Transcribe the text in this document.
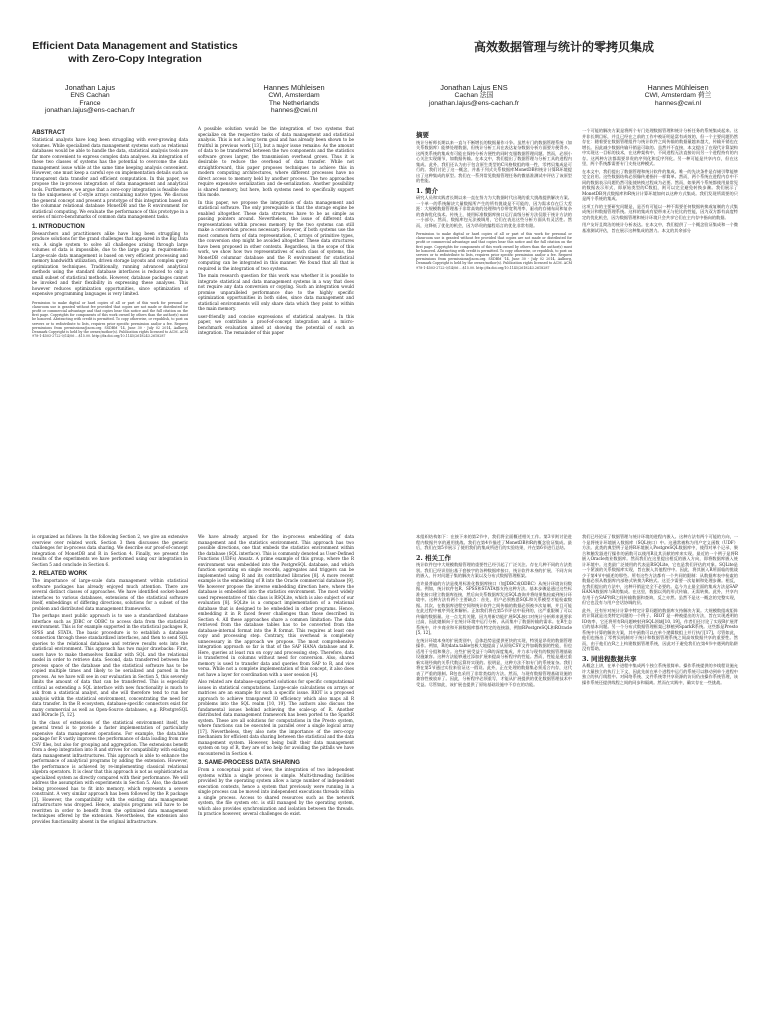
Efficient Data Management and Statistics with Zero-Copy Integration
Jonathan Lajus
ENS Cachan
France
jonathan.lajus@ens-cachan.fr
Hannes Mühleisen
CWI, Amsterdam
The Netherlands
hannes@cwi.nl
ABSTRACT

Statistical analysts have long been struggling with ever-growing data volumes. While specialized data management systems such as relational databases would be able to handle the data, statistical analysis tools are far more convenient to express complex data analyses. An integration of these two classes of systems has the potential to overcome the data management issue while at the same time keeping analysis convenient. However, one must keep a careful eye on implementation details such as transparent data transfer and efficient computation. In this paper, we propose the in-process integration of data management and analytical tools. Furthermore, we argue that a zero-copy integration is feasible due to the uniqueness of C-style arrays containing native types. We discuss the general concept and present a prototype of this integration based on the columnar relational database MonetDB and the R environment for statistical computing. We evaluate the performance of this prototype in a series of micro-benchmarks of common data management tasks.

1. INTRODUCTION

Researchers and practitioners alike have long been struggling to produce solutions for the grand challenges that appeared in the Big Data era. A single system to solve all challenges arising through large volumes of data is impossible, due to the large gap in requirements: Large-scale data management is based on very efficient processing and memory bandwidth utilization, driven storage layouts and complex query optimization techniques. Traditionally, running advanced analytical methods using the standard database interfaces is reduced to only a small subset of statistical methods. However, database packages cannot be invoked and their flexibility in expressing these analyses. This however reduces optimization opportunities, since optimization of expensive programming languages is very limited.

Permission to make digital or hard copies of all or part of this work for personal or classroom use is granted without fee provided that copies are not made or distributed for profit or commercial advantage and that copies bear this notice and the full citation on the first page. Copyrights for components of this work owned by others than the author(s) must be honored. Abstracting with credit is permitted. To copy otherwise, or republish, to post on servers or to redistribute to lists, requires prior specific permission and/or a fee. Request permissions from permissions@acm.org. SSDBM '14, June 30 - July 02 2014, Aalborg, Denmark Copyright is held by the owner/author(s). Publication rights licensed to ACM. ACM 978-1-4503-2722-0/14/06 ...$15.00. http://dx.doi.org/10.1145/2618243.2618287

A possible solution would be the integration of two systems that specialize on the respective tasks of data management and statistical analysis. This is not a long term goal and has already been shown to be fruitful in previous work [13], but a major issue remains: As the amount of data to be transferred between the two components and the statistics software grows larger, the transmission overhead grows. Thus it is desirable to reduce the overhead of data transfer. While not straightforward, this paper proposes techniques to achieve this in modern computing architectures, where different processes have no direct access to memory held by another process. The two approaches require expensive serialization and de-serialization. Another possibility is shared memory, but here, both systems need to specifically support this mode.

In this paper, we propose the integration of data management and statistical software. The only prerequisite is that the storage engine be enabled altogether. These data structures have to be as simple as passing pointers around. Nevertheless, the issue of different data representations within process memory by the two systems can still make a conversion process necessary. However, if both systems use the most common form of data representation, C arrays of primitive types, the conversion step might be avoided altogether. These data structures have been proposed in other contexts. Regardless, in the scope of this work, we show how two representatives of each class of systems, the MonetDB columnar database and the R environment for statistical computing can be integrated in this manner. We found that all that is required is the integration of two systems.

The main research question for this work was whether it is possible to integrate statistical and data management systems in a way that does not require any data conversion or copying. Such an integration would promise unparalleled performance due to the highly specific optimization opportunities in both sides, since data management and statistical environments will only share data which they point to within the main memory.

user-friendly and concise expressions of statistical analyses. In this paper, we contribute a proof-of-concept integration and a micro-benchmark evaluation aimed at showing the potential of such an integration. The remainder of this paper

高效数据管理与统计的零拷贝集成
Jonathan Lajus ENS
Cachan 法国
jonathan.lajus@ens-cachan.fr
Hannes Mühleisen
CWI, Amsterdam 荷兰
hannes@cwi.nl
摘要

统计分析师长期以来一直与不断增长的数据量作斗争。虽然专门的数据管理系统（如关系数据库）能够处理数据，但统计分析工具在表达复杂数据分析方面要方便得多。这两类系统的集成有可能在保持分析方便性的同时克服数据管理问题。然而，必须小心关注实现细节，如数据传输。在本文中，我们提出了数据管理与分析工具的进程内集成。此外，我们还认为由于包含原生类型的C风格数组的唯一性，零拷贝集成是可行的。我们讨论了这一概念，并基于列式关系数据库MonetDB和统计计算R环境提出了这种集成的原型。我们在一系列常见数据管理任务的微基准测试中评估了该原型的性能。

1. 简介

研究人员和实践者长期以来一直在努力为大数据时代出现的重大挑战提供解决方案。一个单一的系统解决大量数据所产生的所有挑战是不可能的，因为需求存在巨大差距：大规模数据管理基于非常高效的处理和内存带宽利用率、驱动的存储布局和复杂的查询优化技术。传统上，使用标准数据库接口运行高级分析方法仅限于统计方法的一小部分。然而，数据库包无法被调用，它们在表达这些分析方面具有灵活性。然而，这降低了优化的机会，因为昂贵的编程语言的优化非常有限。

Permission to make digital or hard copies of all or part of this work for personal or classroom use is granted without fee provided that copies are not made or distributed for profit or commercial advantage and that copies bear this notice and the full citation on the first page. Copyrights for components of this work owned by others than the author(s) must be honored. Abstracting with credit is permitted. To copy otherwise, or republish, to post on servers or to redistribute to lists, requires prior specific permission and/or a fee. Request permissions from permissions@acm.org. SSDBM '14, June 30 - July 02 2014, Aalborg, Denmark Copyright is held by the owner/author(s). Publication rights licensed to ACM. ACM 978-1-4503-2722-0/14/06 ...$15.00. http://dx.doi.org/10.1145/2618243.2618287

一个可能的解决方案是将两个专门处理数据管理和统计分析任务的系统集成起来。这并非长期目标，并且已经在之前的工作中被证明是富有成效的，但一个主要问题仍然存在：随着要在数据管理组件与统计软件之间传输的数据量越来越大，传输开销也在增长。因此减少数据传输开销是可取的。虽然并不直接，本文提出了在现代计算架构中实现这一目标的技术，在这种架构中，不同进程无法直接访问另一个进程持有的内存。这两种方法都需要昂贵的序列化和反序列化。另一种可能是共享内存，但在这里，两个系统都需要专门支持这种模式。

在本文中，我们提出了数据管理和统计软件的集成。唯一的先决条件是存储引擎能够完全启用。这些数据结构必须像传递指针一样简单。然而，两个系统在进程内存中不同的数据表示问题仍然可能使转换过程成为必要。然而，如果两个系统都使用最常见的数据表示形式，即原始类型的C数组，则可以完全避免转换步骤。我们展示了MonetDB列式数据库和R统计计算环境如何以这种方式集成。我们发现所需要的只是两个系统的集成。

这项工作的主要研究问题是，是否有可能以一种不需要任何数据转换或复制的方式集成统计和数据管理系统。这样的集成有望带来无与伦比的性能，因为双方都有高度特定的优化机会，因为数据管理和统计环境只会共享它们在主内存中指向的数据。

用户友好且简洁的统计分析表达。在本文中，我们提供了一个概念验证集成和一个微基准测试评估，旨在展示这种集成的潜力。本文的其余部分

is organized as follows: In the following Section 2, we give an extensive overview over related work. Section 3 then discusses the generic challenges for in-process data sharing. We describe our proof-of-concept integration of MonetDB and R in Section 4. Finally, we present the results of the experiments we have performed using our integration in Section 5 and conclude in Section 6.

2. RELATED WORK

The importance of large-scale data management within statistical software packages has already enjoyed much attention. There are several distinct classes of approaches. We have identified socket-based interfaces to various databases, extensions of the statistical software itself, embeddings of differing directions, solutions for a subset of the problem and distributed data management frameworks.

The perhaps most public approach is to use a standardized database interface such as JDBC or ODBC to access data from the statistical environment. This is for example supported in the statistical packages R, SPSS and STATA. The basic procedure is to establish a database connection through these standardized interfaces, and then to send SQL queries to the relational database and retrieve results sets into the statistical environment. This approach has two major drawbacks: First, users have to make themselves familiar with SQL and the relational model in order to retrieve data. Second, data transferred between the process space of the database and the statistical software has to be copied multiple times and likely to be serialized and parsed in the process. As we have will see in our evaluation in Section 5, this severely limits the amount of data that can be transferred. This is especially critical as extending a SQL interface with new functionality is much to ask from a statistical analyst, and she will therefore tend to run her analysis within the statistical environment, concentrating the need for data transfer. In the R ecosystem, database-specific connectors exist for many commercial as well as Open-Source databases, e.g. RPostgreSQL and ROracle [5, 12].

In the class of extensions of the statistical environment itself, the general trend is to provide a faster implementation of particularly expensive data management operations. For example, the data.table package for R vastly improves the performance of data loading from raw CSV files, but also for grouping and aggregation. The extensions benefit from a deep integration into R and strives for compatibility with existing data management infrastructures. This approach is able to enhance the performance of analytical programs by adding the extension. However, the performance is achieved by re-implementing classical relational algebra operators. It is clear that this approach is not as sophisticated as specialized system as directly compared with their performance. We will address the assumption with experiments in Section 5. Also, the dataset being processed has to fit into memory, which represents a severe constraint. A very similar approach has been followed by the R package [3]. However, the compatibility with the existing data management infrastructure was dropped. Hence, analysis programs will have to be rewritten in order to benefit from the optimized data management techniques offered by the extension. Nevertheless, the extension also provides functionality absent in the original infrastructure.

We have already argued for the in-process embedding of data management and the statistics environment. This approach has two possible directions, one that embeds the statistics environment within the database (SQL interface). This is commonly denoted as User-Defined Functions (UDFs) Ansatz. A prime example of this group, where the R environment was embedded into the PostgreSQL database, and which function operating on single records, aggregates and triggers can be implemented using R and its contributed libraries [8]. A more recent example is the embedding of R into the Oracle commercial database [9]. We however propose the inverse embedding direction here, where the database is embedded into the statistics environment. The most widely used representative of this class is RSQLite, which is also subject of our evaluation [8]. SQLite is a compact implementation of a relational database that is designed to be embedded in other programs. Hence, embedding it in R faced fewer challenges than those described in Section 4. All these approaches share a common limitation: The data retrieved from the database tables has to be converted from the database-internal format into the R format. This requires at least one copy and processing step. Contrary, this overhead is completely unnecessary in the approach we propose. The most comprehensive integration approach so far is that of the SAP HANA database and R. Here, queries at least run on copy and processing step. Therefore, data is transferred in columns without need for conversion. Also, shared memory is used to transfer data and queries from SAP to R, and vice versa. While not a complete implementation of this concept, it also does not have a layer for coordination with a user session [4].

Also related are database-supported solutions for specific computational issues in statistical computations. Large-scale calculations on arrays or matrices are an example for such a specific issue. RIOT is a proposed approach to achieve transparent IO efficiency which also maps all R problems into the SQL realm [10, 19]. The authors also discuss the fundamental issues behind achieving the scale-up of R. Another distributed data management framework has been ported to the SparkR system. These are all solutions for computations in the Presto system, where functions can be executed in parallel over a single logical array [17]. Nevertheless, they also note the importance of the zero-copy mechanism for efficient data sharing between the statistical and the data management system. However, being built their data management system on top of R, they are of no help for avoiding the pitfalls we have encountered in Section 4.

3. SAME-PROCESS DATA SHARING

From a conceptual point of view, the integration of two independent systems within a single process is simple. Multi-threading facilities provided by the operating system allow a large number of independent execution contexts, hence a system that previously were running in a single process can be moved into independent executions threads within a single process. Access to shared resources such as the network system, the file system etc. is still managed by the operating system, which also provides synchronization and isolation between the threads. In practice however, several challenges do exist.

本组织结构如下：在接下来的第2节中，我们将全面概述相关工作。第3节则讨论进程内数据共享的通用挑战。我们在第4节描述了MonetDB和R的概念验证集成。最后，我们在第5节展示了使用我们的集成所进行的实验结果，并在第6节进行总结。

2. 相关工作

统计软件包中大规模数据管理的重要性已经引起了广泛关注。存在几种不同的方法类别。我们已经识别出基于套接字的各种数据库接口、统计软件本身的扩展、不同方向的嵌入、针对问题子集的解决方案以及分布式数据管理框架。

也许最普遍的方法是使用标准化数据库接口（如JDBC或ODBC）从统计环境访问数据。例如，统计软件包R、SPSS和STATA都支持这种方法。基本步骤是通过这些标准化接口建立数据库连接，然后向关系数据库发送SQL查询并将结果集检索到统计环境中。这种方法有两个主要缺点：首先，用户必须熟悉SQL和关系模型才能检索数据。其次，在数据库进程空间和统计软件之间传输的数据必须被多次复制，并且可能在此过程中被序列化和解析。正如我们将在第5节评估中看到的，这严重限制了可以传输的数据量。这一点尤其关键，因为用新功能扩展SQL接口对统计分析师来说要求过高，因此她倾向于在统计环境中运行分析，从而集中了数据传输的需求。在R生态系统中，许多商业和开源数据库都有特定的连接器，例如RPostgreSQL和ROracle [5, 12]。

在统计环境本身的扩展类别中，总体趋势是提供更快的实现，特别是昂贵的数据管理操作。例如，R的data.table包极大地提高了从原始CSV文件加载数据的性能，但也适用于分组和聚合。这些扩展受益于与R的深度集成，并力求与现有的数据管理基础设施兼容。这种方法能够通过添加扩展来提高分析程序的性能。然而，性能是通过重新实现经典的关系代数运算符实现的。很明显，这种方法不如专门的系统复杂。我们将在第5节通过实验来验证这一假设。此外，正在处理的数据集必须适合内存，这代表了严重的限制。R包也采用了非常类似的方法。然而，与现有数据管理基础设施的兼容性被放弃了。因此，分析程序必须重写，才能从扩展提供的优化数据管理技术中受益。尽管如此，该扩展也提供了原始基础设施中不存在的功能。

我们已经论证了数据管理与统计环境的进程内嵌入。这种方法有两个可能的方向，一个是将统计环境嵌入数据库（SQL接口）中。这通常被称为用户定义函数（UDF）方法。此类的典型例子是将R环境嵌入PostgreSQL数据库中，使得对单个记录、聚合和触发器进行操作的函数可以使用R及其贡献的库来实现。最近的一个例子是将R嵌入Oracle商业数据库。然而我们在这里提出相反的嵌入方向，即将数据库嵌入统计环境中。这类最广泛使用的代表是RSQLite，它也是我们评估的对象。SQLite是一个紧凑的关系数据库实现，旨在嵌入其他程序中。因此，将其嵌入R所面临的挑战少于第4节中描述的那些。所有这些方法都有一个共同的限制：从数据库表中检索的数据必须从数据库内部格式转换为R格式。这至少需要一次复制和处理步骤。相反，在我们提出的方法中，这种开销是完全不必要的。迄今为止最全面的集成方法是SAP HANA数据库与R的集成。在这里，数据以列的形式传输，无需转换。此外，共享内存用于在SAP和R之间传输数据和查询，反之亦然。虽然不是这一概念的完整实现，但它也没有与用户会话协调的层。

此外，还有针对统计计算中特定计算问题的数据库支持解决方案。大规模数组或矩阵的计算就是这类特定问题的一个例子。RIOT 是一种被提出的方法，旨在实现透明的IO效率，它还将所有R问题映射到SQL领域[10, 19]。作者们还讨论了实现R扩展背后的基本问题。另一个分布式数据管理框架已移植到SparkR系统。这些都是Presto系统中计算的解决方案，其中函数可以在单个逻辑数组上并行执行[17]。尽管如此，他们也指出了零拷贝机制对于统计和数据管理系统之间高效数据共享的重要性。然而，由于他们在R之上构建数据管理系统，因此对于避免我们在第4节中遇到的陷阱没有帮助。

3. 同进程数据共享

从概念上讲，在单个进程中集成两个独立系统很简单。操作系统提供的多线程设施允许大量独立的执行上下文，因此先前在单个进程中运行的系统可以移动到单个进程中独立的执行线程中。对网络系统、文件系统等共享资源的访问仍由操作系统管理，该操作系统还提供线程之间的同步和隔离。然而在实践中，确实存在一些挑战。
